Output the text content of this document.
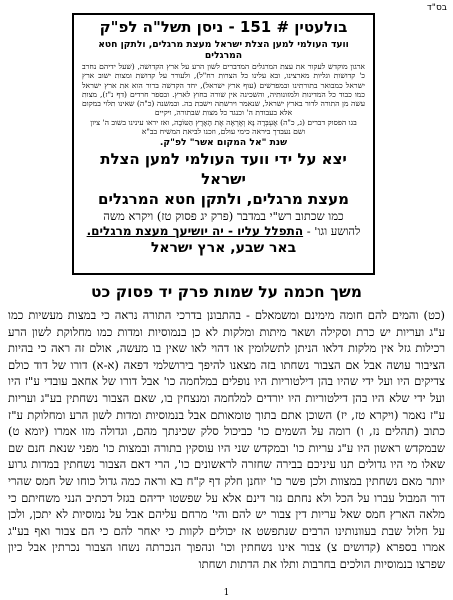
בס"ד
בולעטין # 151 - ניסן תשל"ה לפ"ק
וועד העולמי למען הצלת ישראל מעצת מרגלים, ולתקן חטא המרגלים
ארגון מוקדש לעקור את עצת המרגלים המדברים לשון הרע על ארץ הקדושה, (שעל ידיהם נחרב כ' קדושות וגליות מארצינו, ובא עלינו כל הצרות רח"ל), ולעורר על קדושת ומצות ישוב ארץ ישראל כמבואר בתורתינו ובמפרשים (עוף ארץ ישראל), יחד הקדשה ברור הוא את ארץ ישראל כמו כבוד כל המדינות ולמזונותיה, והשכינה אין שורה בחוץ לארץ. ובספר חרדים (דף נ"ז), מצות עשה מן התורה לדור בארץ ישראל, שנאמר וירשתה וישבת בה. ובמשנה (כ"ה) שאינו תלוי במקום אלא בעבודת ה' וכנגד כל מצות שבתורה, ויקיים
בגו הפסוק דברים (ג, כ"ה) אֶעְבְּרָה נָּא וְאֶרְאֶה אֶת הָאָרֶץ הַטּוֹבָה, ואז יראו עינינו בשוב ה' ציון
ושם נעבדך ביראה כימי עולם, וזכנו לביאת המשיח בב"א
שנת "אל המקום אשר" לפ"ק.
יצא על ידי וועד העולמי למען הצלת ישראל
מעצת מרגלים, ולתקן חטא המרגלים
כמו שכתוב רש"י במדבר (פרק יג פסוק טז) ויקרא משה
להושע וגו' - התפלל עליו - יה יושיעך מעצת מרגלים.
באר שבע, ארץ ישראל
משך חכמה על שמות פרק יד פסוק כט
(כט) והמים להם חומה מימינם ומשמאלם - בהתבונן בדרכי התורה נראה כי במצות מעשיות כמו ע"ג ועריות יש כרת וסקילה ושאר מיתות ומלקות לא כן בנמוסיות ומדות כמו מחלוקת לשון הרע רכילות גזל אין מלקות דלאו הניתן לתשלומין או דהוי לאו שאין בו מעשה, אולם זה ראה כי בהיות הציבור עושה אבל אם הצבור נשחתו בזה מצאנו להיפך בירושלמי דפאה (א-א) דורו של דוד כולם צדיקים היו ועל ידי שהיו בהן דילטוריות היו נופלים במלחמה כו' אבל דורו של אחאב עובדי ע"ז היו ועל ידי שלא היו בהן דילטוריות היו יורדים למלחמה ומנצחין בו, שאם הצבור נשחתין בע"ג ועריות ע"ז נאמר (ויקרא טז, יז) השוכן אתם בתוך טומאותם אבל בנמוסיות ומדות לשון הרע ומחלוקת ע"ז כתוב (תהלים נז, ו) רומה על השמים כו' כביכול סלק שכינתך מהם, וגדולה מזו אמרו (יומא ט) שבמקדש ראשון היו ע"ג עריות כו' ובמקדש שני היו עוסקין בתורה ובמצות כו' מפני שנאת חנם שם שאלו מי היו גדולים תנו עיניכם בבירה שחזרה לראשונים כו', הרי דאם הצבור נשחתין במדות גרוע יותר מאם נשחתין במצוות ולכן פשר כו' יוחנן חלק דף ק"ח בא וראה כמה גדול כוחו של חמס שהרי דור המבול עברו על הכל ולא נחתם גזר דינם אלא על שפשטו ידיהם בגזל דכתיב הנני משחיתם כי מלאה הארץ חמס שאל עריות דין צבור יש להם והי' מרחם עליהם אבל על נמוסיות לא יתכן, ולכן על חלול שבת בעוונותינו הרבים שנתפשט אז יכולים לקוות כי יאחר להם כי הם צבור ואף בע"ג אמרו בספרא (קדושים צ) צבור אינו נשחתין וכו' ונהפוך הנכרתה נשחו הצבור נכרתין אבל כיון שפרצו בנמוסיות הולכים בחרבות ותלו את הדתות ושחתו
1
